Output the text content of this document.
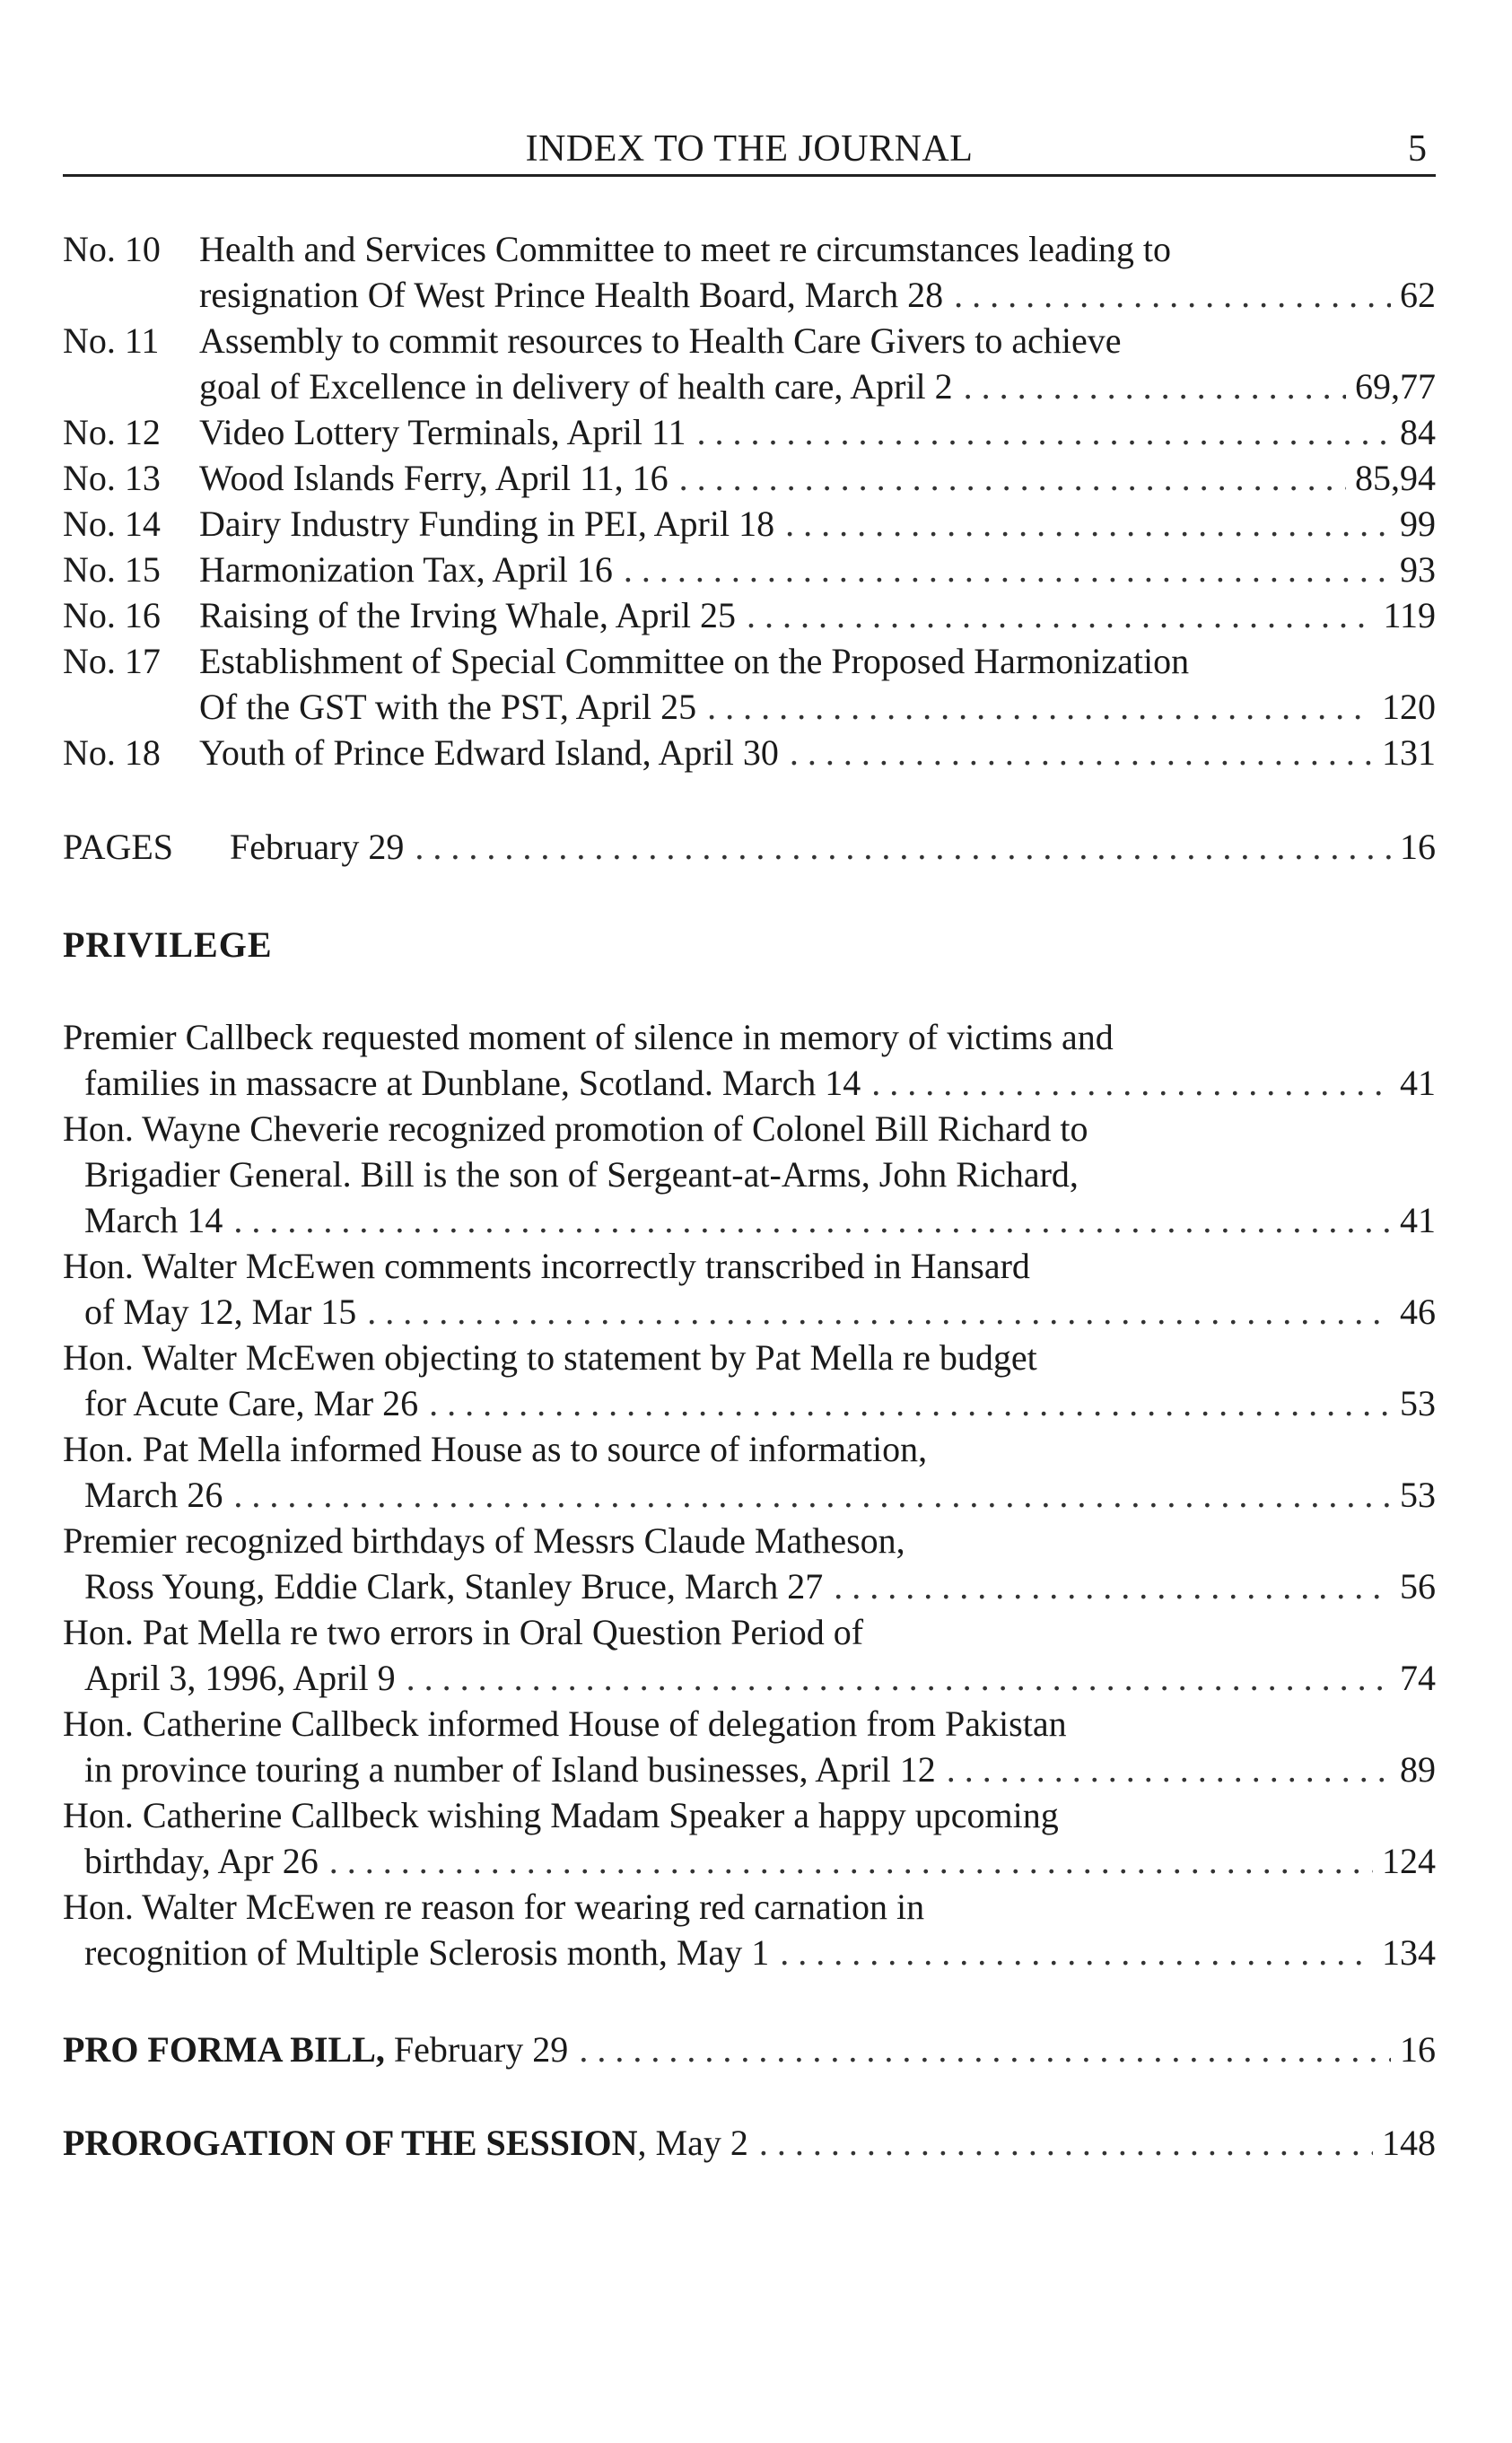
INDEX TO THE JOURNAL	5
No. 10	Health and Services Committee to meet re circumstances leading to
resignation Of West Prince Health Board, March 28 . . .	62
No. 11	Assembly to commit resources to Health Care Givers to achieve
goal of Excellence in delivery of health care, April 2 . . .	69,77
No. 12	Video Lottery Terminals, April 11 . . .	84
No. 13	Wood Islands Ferry, April 11, 16 . . .	85,94
No. 14	Dairy Industry Funding in PEI, April 18 . . .	99
No. 15	Harmonization Tax, April 16 . . .	93
No. 16	Raising of the Irving Whale, April 25 . . .	119
No. 17	Establishment of Special Committee on the Proposed Harmonization
Of the GST with the PST, April 25 . . .	120
No. 18	Youth of Prince Edward Island, April 30 . . .	131
PAGES	February 29 . . .	16
PRIVILEGE
Premier Callbeck requested moment of silence in memory of victims and
families in massacre at Dunblane, Scotland. March 14 . . .	41
Hon. Wayne Cheverie recognized promotion of Colonel Bill Richard to
Brigadier General. Bill is the son of Sergeant-at-Arms, John Richard,
March 14 . . .	41
Hon. Walter McEwen comments incorrectly transcribed in Hansard
of May 12, Mar 15 . . .	46
Hon. Walter McEwen objecting to statement by Pat Mella re budget
for Acute Care, Mar 26 . . .	53
Hon. Pat Mella informed House as to source of information,
March 26 . . .	53
Premier recognized birthdays of Messrs Claude Matheson,
Ross Young, Eddie Clark, Stanley Bruce, March 27 . . .	56
Hon. Pat Mella re two errors in Oral Question Period of
April 3, 1996, April 9 . . .	74
Hon. Catherine Callbeck informed House of delegation from Pakistan
in province touring a number of Island businesses, April 12 . . .	89
Hon. Catherine Callbeck wishing Madam Speaker a happy upcoming
birthday, Apr 26 . . .	124
Hon. Walter McEwen re reason for wearing red carnation in
recognition of Multiple Sclerosis month, May 1 . . .	134
PRO FORMA BILL, February 29 . . .	16
PROROGATION OF THE SESSION , May 2 . . .	148
